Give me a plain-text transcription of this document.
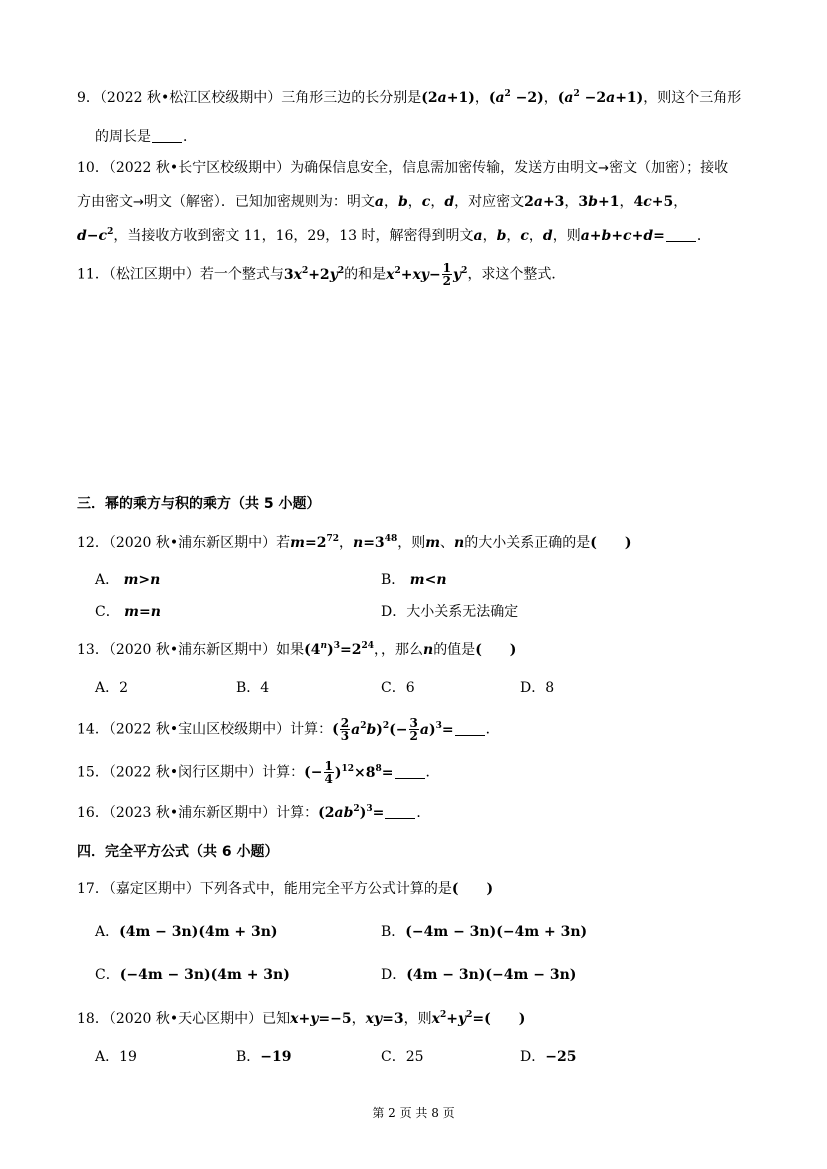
9．（2022 秋•松江区校级期中）三角形三边的长分别是(2a+1)，$(a^2 -2)$，$(a^2 -2a+1)$，则这个三角形
的周长是 ．
10．（2022 秋•长宁区校级期中）为确保信息安全，信息需加密传输，发送方由明文→密文（加密）；接收
方由密文→明文（解密）．已知加密规则为：明文a，b，c，d，对应密文2a+3，3b+1，4c+5，
$d-c^2$，当接收方收到密文 11，16，29，13 时，解密得到明文a，b，c，d，则a+b+c+d= ．
11．（松江区期中）若一个整式与$3x^2+2y^2$的和是$x^2+xy- \frac{1}{2} y^2$，求这个整式．
三．幂的乘方与积的乘方（共 5 小题）
12．（2020 秋•浦东新区期中）若$m=2^{72}$，$n=3^{48}$，则m、n的大小关系正确的是(　　)
A． m>n	B． m<n
C． m=n	D．大小关系无法确定
13．（2020 秋•浦东新区期中）如果$(4^n)^3=2^{24}$，，那么n的值是(　　)
A．2	B．4	C．6	D．8
14．（2022 秋•宝山区校级期中）计算：( $\frac{2}{3} a^2b)^2(- \frac{3}{2} a)^3=$ ．
15．（2022 秋•闵行区期中）计算：(− $\frac{1}{4} )^{12}\times 8^8=$ ．
16．（2023 秋•浦东新区期中）计算：$(2ab^2)^3=$ ．
四．完全平方公式（共 6 小题）
17．（嘉定区期中）下列各式中，能用完全平方公式计算的是(　　)
A．(4m − 3n)(4m + 3n)	B．(−4m − 3n)(−4m + 3n)
C．(−4m − 3n)(4m + 3n)	D．(4m − 3n)(−4m − 3n)
18．（2020 秋•天心区期中）已知x+y=−5，xy=3，则$x^2+y^2=$(　　)
A．19	B．−19	C．25	D．−25
第 2 页 共 8 页
